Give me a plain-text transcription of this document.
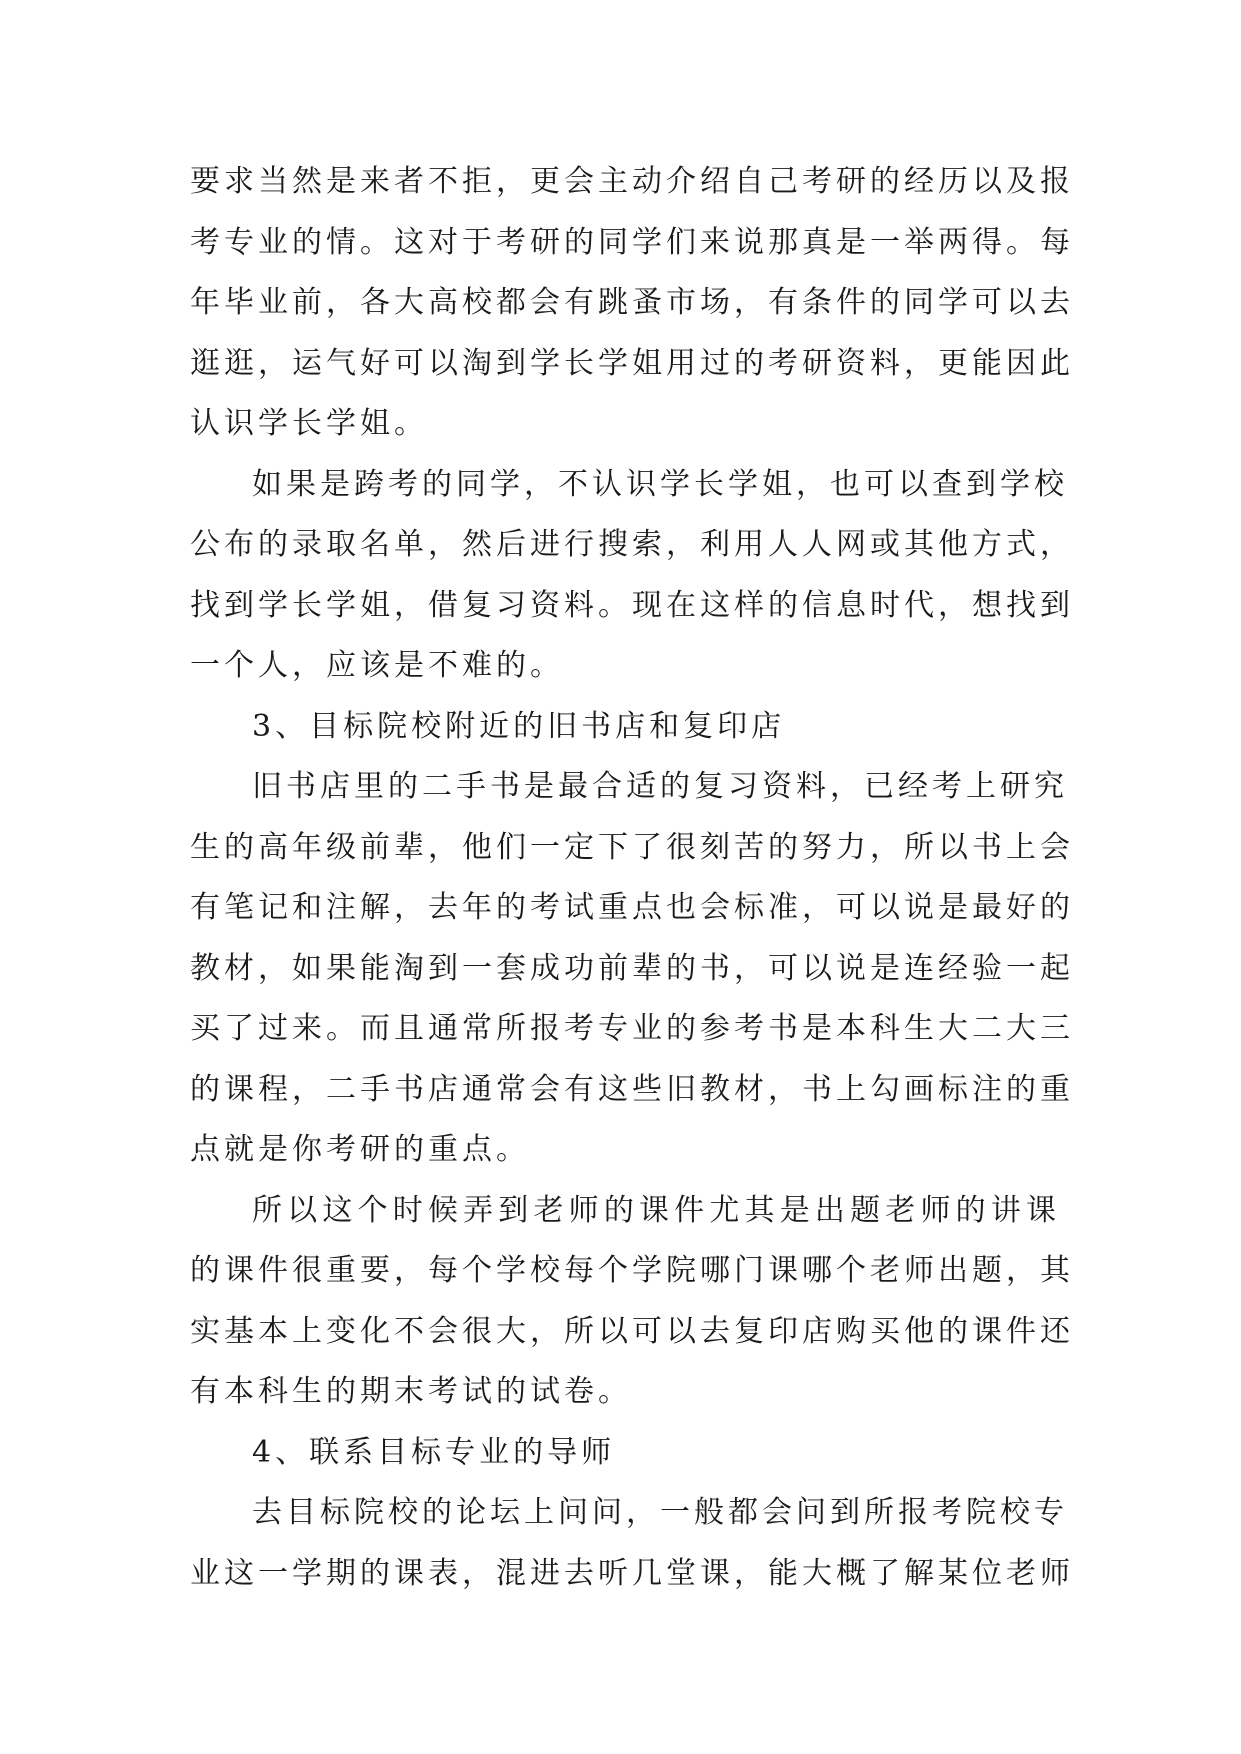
要求当然是来者不拒，更会主动介绍自己考研的经历以及报
考专业的情。这对于考研的同学们来说那真是一举两得。每
年毕业前，各大高校都会有跳蚤市场，有条件的同学可以去
逛逛，运气好可以淘到学长学姐用过的考研资料，更能因此
认识学长学姐。
如果是跨考的同学，不认识学长学姐，也可以查到学校
公布的录取名单，然后进行搜索，利用人人网或其他方式，
找到学长学姐，借复习资料。现在这样的信息时代，想找到
一个人，应该是不难的。
3、目标院校附近的旧书店和复印店
旧书店里的二手书是最合适的复习资料，已经考上研究
生的高年级前辈，他们一定下了很刻苦的努力，所以书上会
有笔记和注解，去年的考试重点也会标准，可以说是最好的
教材，如果能淘到一套成功前辈的书，可以说是连经验一起
买了过来。而且通常所报考专业的参考书是本科生大二大三
的课程，二手书店通常会有这些旧教材，书上勾画标注的重
点就是你考研的重点。
所以这个时候弄到老师的课件尤其是出题老师的讲课
的课件很重要，每个学校每个学院哪门课哪个老师出题，其
实基本上变化不会很大，所以可以去复印店购买他的课件还
有本科生的期末考试的试卷。
4、联系目标专业的导师
去目标院校的论坛上问问，一般都会问到所报考院校专
业这一学期的课表，混进去听几堂课，能大概了解某位老师
